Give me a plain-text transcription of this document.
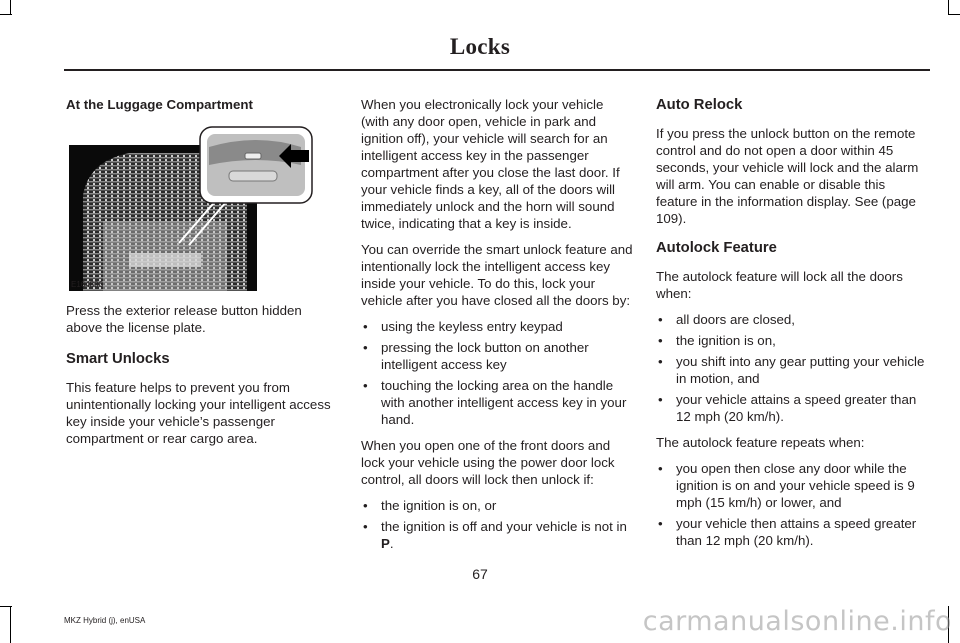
Locks

At the Luggage Compartment

Press the exterior release button hidden above the license plate.

Smart Unlocks

This feature helps to prevent you from unintentionally locking your intelligent access key inside your vehicle’s passenger compartment or rear cargo area.

E164806

When you electronically lock your vehicle (with any door open, vehicle in park and ignition off), your vehicle will search for an intelligent access key in the passenger compartment after you close the last door. If your vehicle finds a key, all of the doors will immediately unlock and the horn will sound twice, indicating that a key is inside.

You can override the smart unlock feature and intentionally lock the intelligent access key inside your vehicle. To do this, lock your vehicle after you have closed all the doors by:

• using the keyless entry keypad
• pressing the lock button on another intelligent access key
• touching the locking area on the handle with another intelligent access key in your hand.

When you open one of the front doors and lock your vehicle using the power door lock control, all doors will lock then unlock if:

• the ignition is on, or
• the ignition is off and your vehicle is not in P.
Auto Relock

If you press the unlock button on the remote control and do not open a door within 45 seconds, your vehicle will lock and the alarm will arm. You can enable or disable this feature in the information display. See (page 109).

Autolock Feature

The autolock feature will lock all the doors when:

• all doors are closed,
• the ignition is on,
• you shift into any gear putting your vehicle in motion, and
• your vehicle attains a speed greater than 12 mph (20 km/h).

The autolock feature repeats when:

• you open then close any door while the ignition is on and your vehicle speed is 9 mph (15 km/h) or lower, and
• your vehicle then attains a speed greater than 12 mph (20 km/h).
67
MKZ Hybrid (j), enUSA	carmanualsonline.info
